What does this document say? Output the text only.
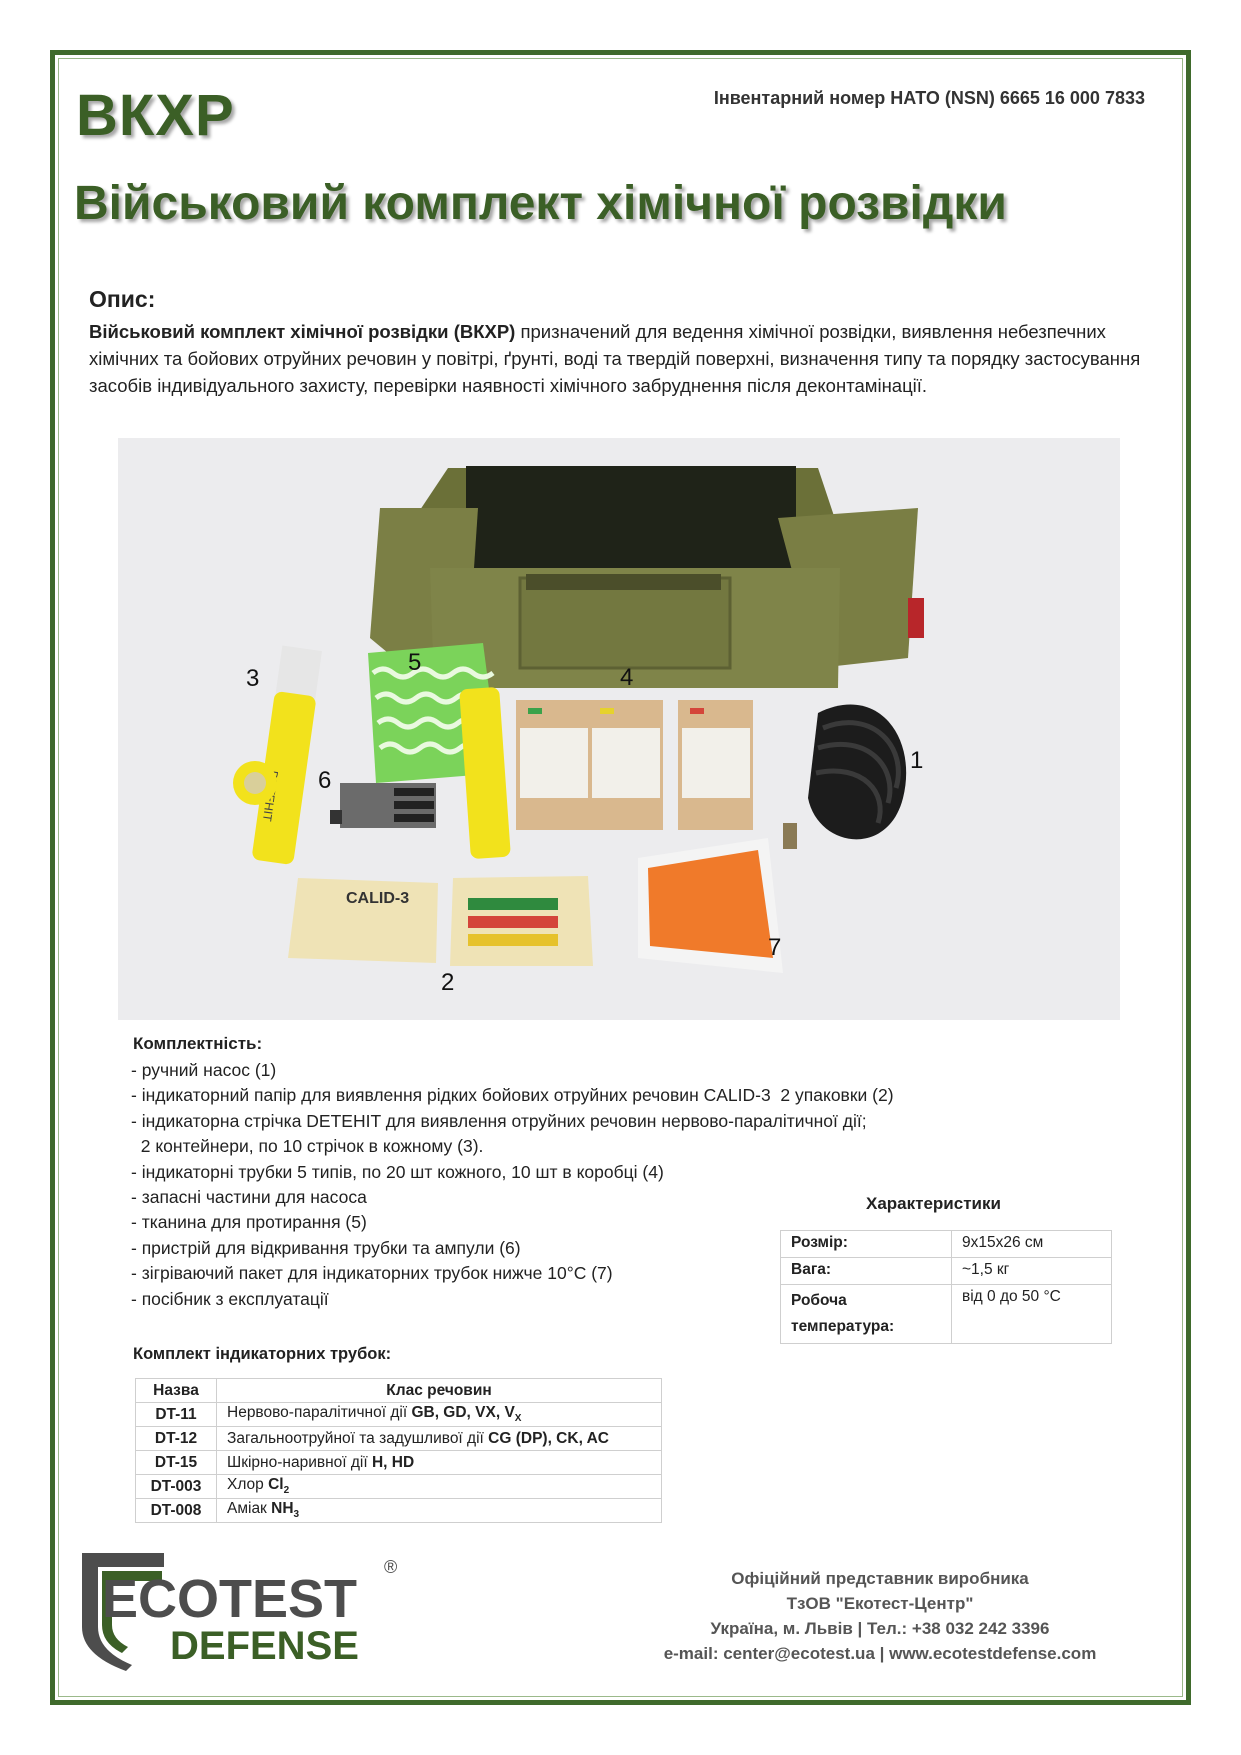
ВКХР	Інвентарний номер НАТО (NSN) 6665 16 000 7833
Військовий комплект хімічної розвідки
Опис:
Військовий комплект хімічної розвідки (ВКХР) призначений для ведення хімічної розвідки, виявлення небезпечних хімічних та бойових отруйних речовин у повітрі, ґрунті, воді та твердій поверхні, визначення типу та порядку застосування засобів індивідуального захисту, перевірки наявності хімічного забруднення після деконтамінації.
CALID-3
3
5
4
1
6
2
7
Комплектність:
- ручний насос (1)
- індикаторний папір для виявлення рідких бойових отруйних речовин CALID-3  2 упаковки (2)
- індикаторна стрічка DETEHIT для виявлення отруйних речовин нервово-паралітичної дії;
2 контейнери, по 10 стрічок в кожному (3).
- індикаторні трубки 5 типів, по 20 шт кожного, 10 шт в коробці (4)
- запасні частини для насоса
- тканина для протирання (5)
- пристрій для відкривання трубки та ампули (6)
- зігріваючий пакет для індикаторних трубок нижче 10°C (7)
- посібник з експлуатації
Характеристики
Розмір:	9х15х26 см
Вага:	~1,5 кг
Робоча температура:	від 0 до 50 °С
Комплект індикаторних трубок:
Назва	Клас речовин
DT-11	Нервово-паралітичної дії GB, GD, VX, $V_X$
DT-12	Загальноотруйної та задушливої дії CG (DP), CK, AC
DT-15	Шкірно-наривної дії H, HD
DT-003	Хлор $Cl_2$
DT-008	Аміак $NH_3$
ECOTEST
®
DEFENSE
Офіційний представник виробника
ТзОВ "Екотест-Центр"
Україна, м. Львів | Тел.: +38 032 242 3396
e-mail: center@ecotest.ua | www.ecotestdefense.com
